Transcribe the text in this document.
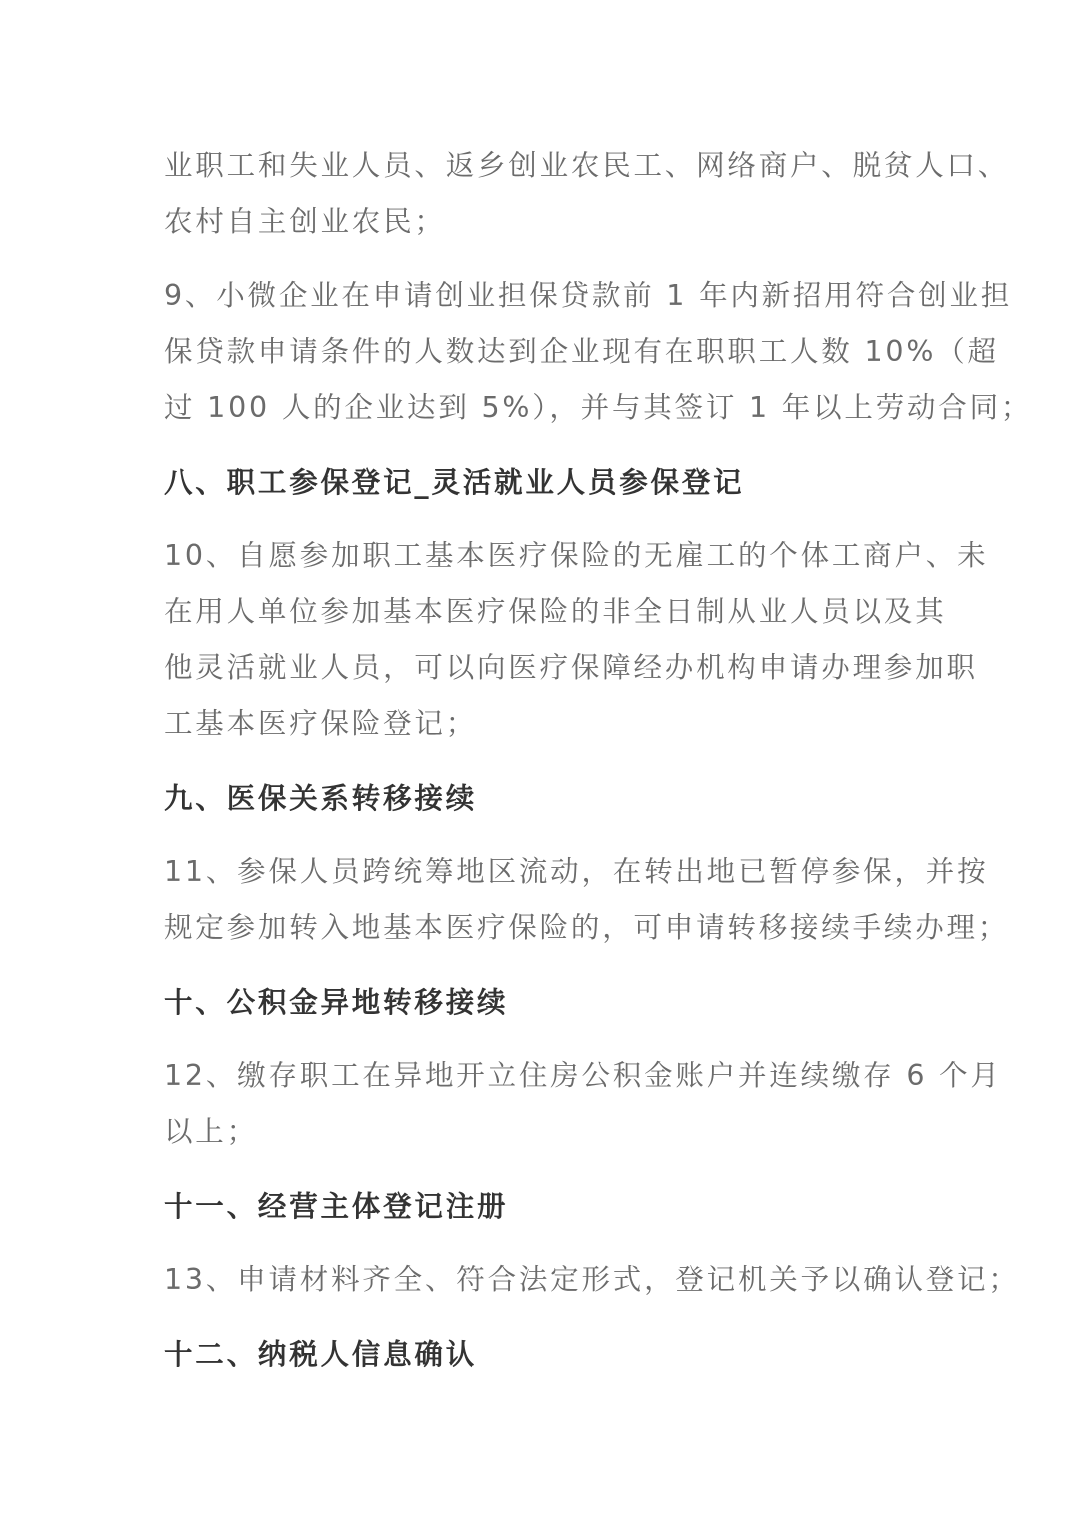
业职工和失业人员、返乡创业农民工、网络商户、脱贫人口、
农村自主创业农民；

9、小微企业在申请创业担保贷款前 1 年内新招用符合创业担
保贷款申请条件的人数达到企业现有在职职工人数 10%（超
过 100 人的企业达到 5%），并与其签订 1 年以上劳动合同；

八、职工参保登记_灵活就业人员参保登记

10、自愿参加职工基本医疗保险的无雇工的个体工商户、未
在用人单位参加基本医疗保险的非全日制从业人员以及其
他灵活就业人员，可以向医疗保障经办机构申请办理参加职
工基本医疗保险登记；

九、医保关系转移接续

11、参保人员跨统筹地区流动，在转出地已暂停参保，并按
规定参加转入地基本医疗保险的，可申请转移接续手续办理；

十、公积金异地转移接续

12、缴存职工在异地开立住房公积金账户并连续缴存 6 个月
以上；

十一、经营主体登记注册

13、申请材料齐全、符合法定形式，登记机关予以确认登记；

十二、纳税人信息确认
